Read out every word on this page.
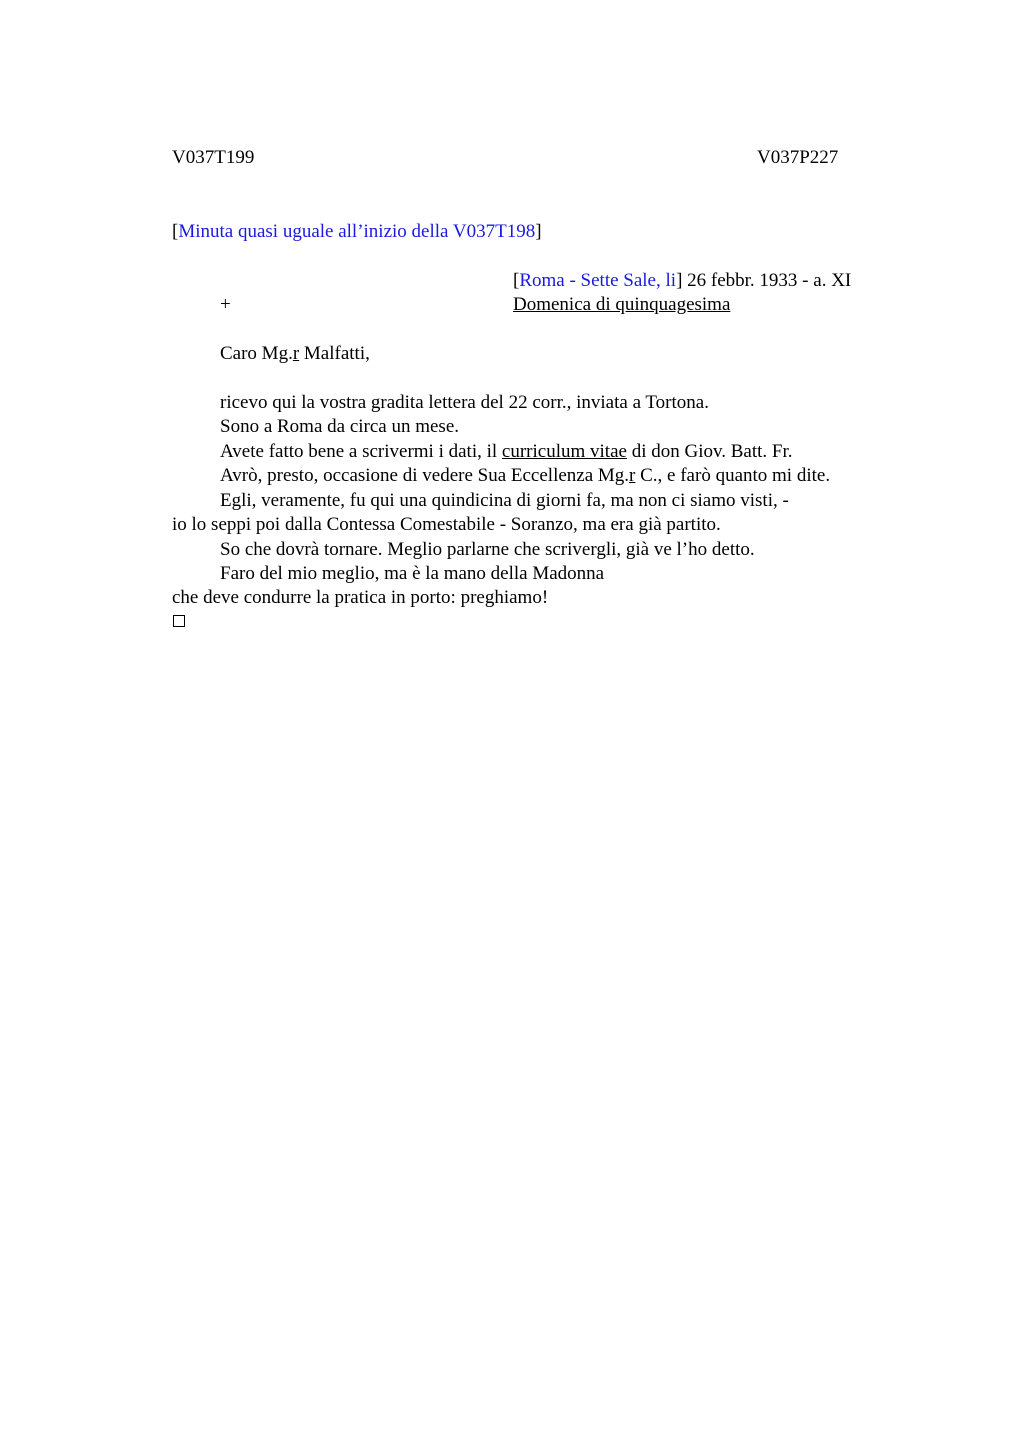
V037T199	V037P227
[Minuta quasi uguale all’inizio della V037T198]
[Roma - Sette Sale, li] 26 febbr. 1933 - a. XI
+	Domenica di quinquagesima
Caro Mg.r Malfatti,
ricevo qui la vostra gradita lettera del 22 corr., inviata a Tortona.
Sono a Roma da circa un mese.
Avete fatto bene a scrivermi i dati, il curriculum vitae di don Giov. Batt. Fr.
Avrò, presto, occasione di vedere Sua Eccellenza Mg.r C., e farò quanto mi dite.
Egli, veramente, fu qui una quindicina di giorni fa, ma non ci siamo visti, -
io lo seppi poi dalla Contessa Comestabile - Soranzo, ma era già partito.
So che dovrà tornare. Meglio parlarne che scrivergli, già ve l’ho detto.
Faro del mio meglio, ma è la mano della Madonna
che deve condurre la pratica in porto: preghiamo!
